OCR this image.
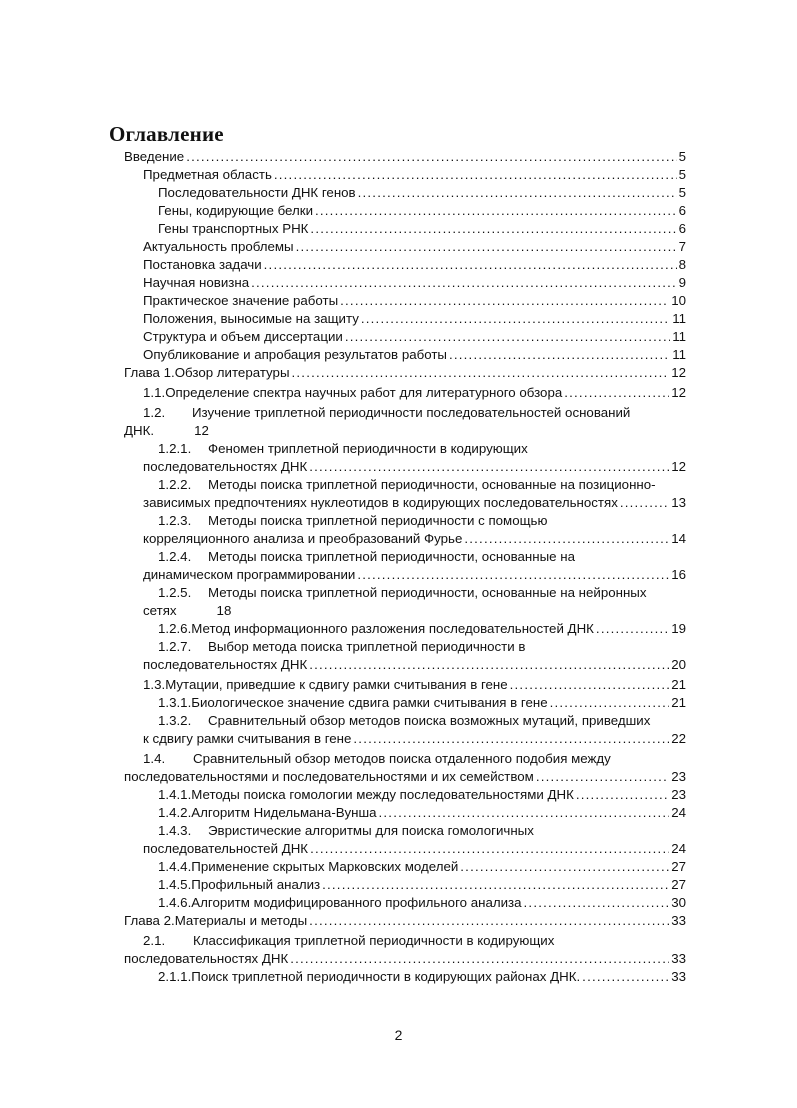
Оглавление
Введение .....	5
Предметная область .....	5
Последовательности ДНК генов .....	5
Гены, кодирующие белки .....	6
Гены транспортных РНК .....	6
Актуальность проблемы .....	7
Постановка задачи .....	8
Научная новизна .....	9
Практическое значение работы .....	10
Положения, выносимые на защиту .....	11
Структура и объем диссертации .....	11
Опубликование и апробация результатов работы .....	11
Глава 1. Обзор литературы .....	12
1.1. Определение спектра научных работ для литературного обзора .....	12
1.2.	Изучение триплетной периодичности последовательностей оснований
ДНК.	12
1.2.1.	Феномен триплетной периодичности в кодирующих
последовательностях ДНК .....	12
1.2.2.	Методы поиска триплетной периодичности, основанные на позиционно-
зависимых предпочтениях нуклеотидов в кодирующих последовательностях .....	13
1.2.3.	Методы поиска триплетной периодичности с помощью
корреляционного анализа и преобразований Фурье .....	14
1.2.4.	Методы поиска триплетной периодичности, основанные на
динамическом программировании .....	16
1.2.5.	Методы поиска триплетной периодичности, основанные на нейронных
сетях	18
1.2.6. Метод информационного разложения последовательностей ДНК .....	19
1.2.7.	Выбор метода поиска триплетной периодичности в
последовательностях ДНК .....	20
1.3. Мутации, приведшие к сдвигу рамки считывания в гене .....	21
1.3.1. Биологическое значение сдвига рамки считывания в гене .....	21
1.3.2.	Сравнительный обзор методов поиска возможных мутаций, приведших
к сдвигу рамки считывания в гене .....	22
1.4.	Сравнительный обзор методов поиска отдаленного подобия между
последовательностями и последовательностями и их семейством .....	23
1.4.1. Методы поиска гомологии между последовательностями ДНК .....	23
1.4.2. Алгоритм Нидельмана-Вунша .....	24
1.4.3.	Эвристические алгоритмы для поиска гомологичных
последовательностей ДНК .....	24
1.4.4. Применение скрытых Марковских моделей .....	27
1.4.5. Профильный анализ .....	27
1.4.6. Алгоритм модифицированного профильного анализа .....	30
Глава 2. Материалы и методы .....	33
2.1.	Классификация триплетной периодичности в кодирующих
последовательностях ДНК .....	33
2.1.1. Поиск триплетной периодичности в кодирующих районах ДНК. .....	33
2
